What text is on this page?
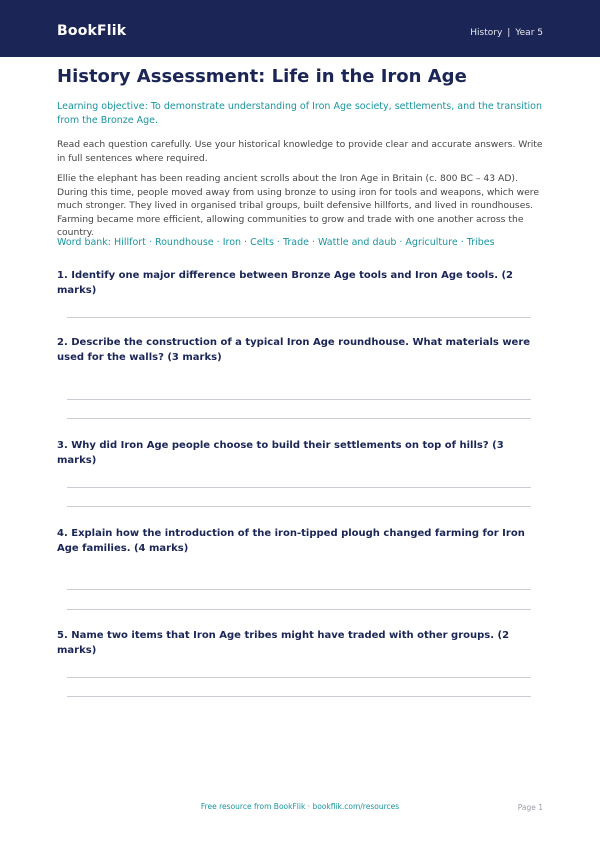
BookFlik	History | Year 5
History Assessment: Life in the Iron Age
Learning objective: To demonstrate understanding of Iron Age society, settlements, and the transition from the Bronze Age.
Read each question carefully. Use your historical knowledge to provide clear and accurate answers. Write in full sentences where required.
Ellie the elephant has been reading ancient scrolls about the Iron Age in Britain (c. 800 BC – 43 AD). During this time, people moved away from using bronze to using iron for tools and weapons, which were much stronger. They lived in organised tribal groups, built defensive hillforts, and lived in roundhouses. Farming became more efficient, allowing communities to grow and trade with one another across the country.
Word bank: Hillfort · Roundhouse · Iron · Celts · Trade · Wattle and daub · Agriculture · Tribes
1. Identify one major difference between Bronze Age tools and Iron Age tools. (2 marks)
2. Describe the construction of a typical Iron Age roundhouse. What materials were used for the walls? (3 marks)
3. Why did Iron Age people choose to build their settlements on top of hills? (3 marks)
4. Explain how the introduction of the iron-tipped plough changed farming for Iron Age families. (4 marks)
5. Name two items that Iron Age tribes might have traded with other groups. (2 marks)
Free resource from BookFlik · bookflik.com/resources	Page 1
